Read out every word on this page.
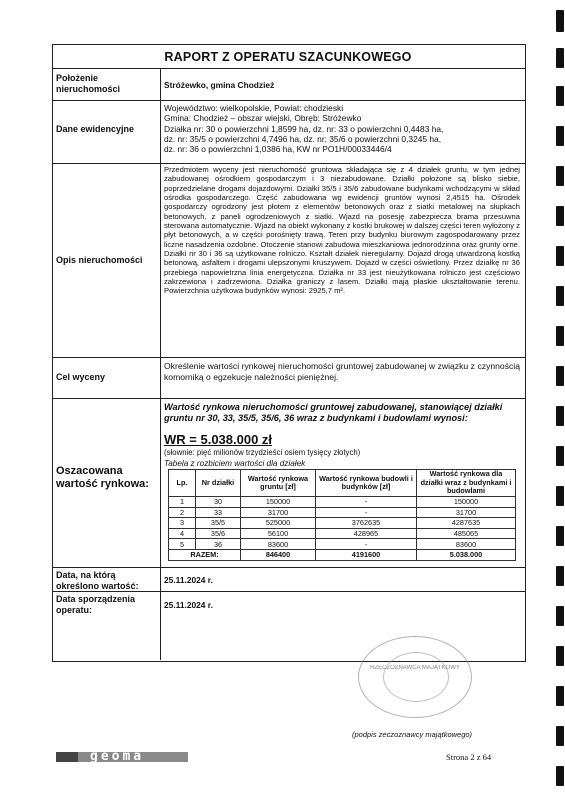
RAPORT Z OPERATU SZACUNKOWEGO
Położenie nieruchomości	Stróżewko, gmina Chodzież
Dane ewidencyjne
Województwo: wielkopolskie, Powiat: chodzieski
Gmina: Chodzież – obszar wiejski, Obręb: Stróżewko
Działka nr: 30 o powierzchni 1,8599 ha, dz. nr: 33 o powierzchni 0,4483 ha,
dz. nr: 35/5 o powierzchni 4,7496 ha, dz. nr: 35/6 o powierzchni 0,3245 ha,
dz. nr: 36 o powierzchni 1,0386 ha, KW nr PO1H/00033446/4
Opis nieruchomości
Przedmiotem wyceny jest nieruchomość gruntowa składająca się z 4 działek gruntu, w tym jednej zabudowanej ośrodkiem gospodarczym i 3 niezabudowane. Działki położone są blisko siebie, poprzedzielane drogami dojazdowymi. Działki 35/5 i 35/6 zabudowane budynkami wchodzącymi w skład ośrodka gospodarczego. Część zabudowana wg ewidencji gruntów wynosi 2,4515 ha. Ośrodek gospodarczy ogrodzony jest płotem z elementów betonowych oraz z siatki metalowej na słupkach betonowych, z paneli ogrodzeniowych z siatki. Wjazd na posesję zabezpiecza brama przesuwna sterowana automatycznie. Wjazd na obiekt wykonany z kostki brukowej w dalszej części teren wyłożony z płyt betonowych, a w części porośnięty trawą. Teren przy budynku biurowym zagospodarowany przez liczne nasadzenia ozdobne. Otoczenie stanowi zabudowa mieszkaniowa jednorodzinna oraz grunty orne. Działki nr 30 i 36 są użytkowane rolniczo. Kształt działek nieregularny. Dojazd drogą utwardzoną kostką betonową, asfaltem i drogami ulepszonymi kruszywem. Dojazd w części oświetlony. Przez działkę nr 36 przebiega napowietrzna linia energetyczna. Działka nr 33 jest nieużytkowana rolniczo jest częściowo zakrzewiona i zadrzewiona. Działka graniczy z lasem. Działki mają płaskie ukształtowanie terenu. Powierzchnia użytkowa budynków wynosi: 2925,7 m².
Cel wyceny
Określenie wartości rynkowej nieruchomości gruntowej zabudowanej w związku z czynnością komorniką o egzekucje należności pieniężnej.
Oszacowana wartość rynkowa:
Wartość rynkowa nieruchomości gruntowej zabudowanej, stanowiącej działki gruntu nr 30, 33, 35/5, 35/6, 36 wraz z budynkami i budowlami wynosi:
WR = 5.038.000 zł
(słownie: pięć milionów trzydzieści osiem tysięcy złotych)
Tabela z rozbiciem wartości dla działek
Lp.	Nr działki	Wartość rynkowa gruntu [zł]	Wartość rynkowa budowli i budynków [zł]	Wartość rynkowa dla działki wraz z budynkami i budowlami
1	30	150000	-	150000
2	33	31700	-	31700
3	35/5	525000	3762635	4287635
4	35/6	56100	428965	485065
5	36	83600	-	83600
RAZEM:		846400	4191600	5.038.000
Data, na którą określono wartość:
25.11.2024 r.
Data sporządzenia operatu:	25.11.2024 r.
RZECZOZNAWCA MAJĄTKOWY
(podpis zeczoznawcy majątkowego)
geoma	Strona 2 z 64
